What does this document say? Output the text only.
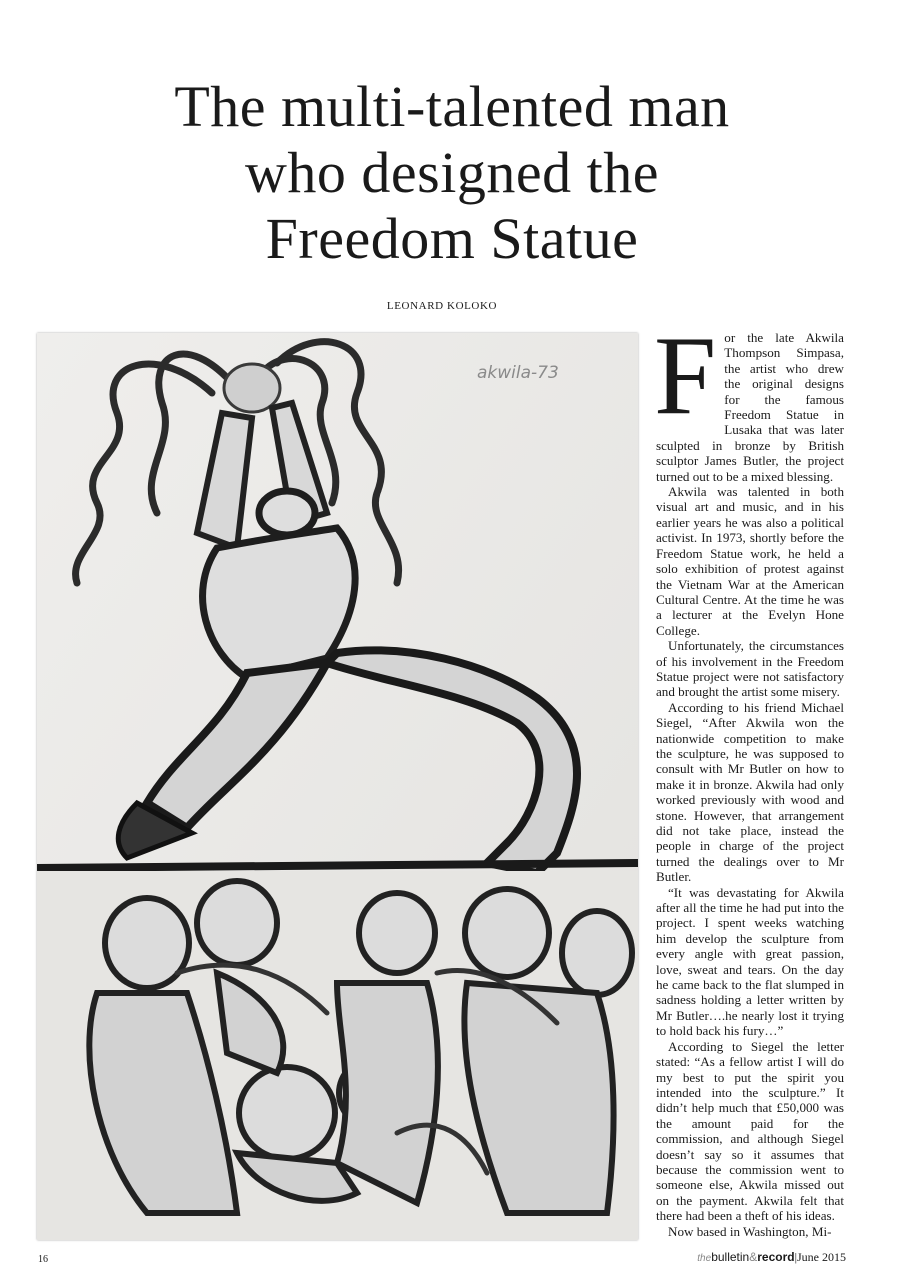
The multi-talented man
who designed the
Freedom Statue
LEONARD KOLOKO
akwila-73 For the late Akwila Thompson Simpasa, the artist who drew the original designs for the famous Freedom Statue in Lusaka that was later sculpted in bronze by British sculptor James Butler, the project turned out to be a mixed blessing.

Akwila was talented in both visual art and music, and in his earlier years he was also a political activist. In 1973, shortly before the Freedom Statue work, he held a solo exhibition of protest against the Vietnam War at the American Cultural Centre. At the time he was a lecturer at the Evelyn Hone College.

Unfortunately, the circumstances of his involvement in the Freedom Statue project were not satisfactory and brought the artist some misery.

According to his friend Michael Siegel, “After Akwila won the nationwide competition to make the sculpture, he was supposed to consult with Mr Butler on how to make it in bronze. Akwila had only worked previously with wood and stone. However, that arrangement did not take place, instead the people in charge of the project turned the dealings over to Mr Butler.

“It was devastating for Akwila after all the time he had put into the project. I spent weeks watching him develop the sculpture from every angle with great passion, love, sweat and tears. On the day he came back to the flat slumped in sadness holding a letter written by Mr Butler….he nearly lost it trying to hold back his fury…”

According to Siegel the letter stated: “As a fellow artist I will do my best to put the spirit you intended into the sculpture.” It didn’t help much that £50,000 was the amount paid for the commission, and although Siegel doesn’t say so it assumes that because the commission went to someone else, Akwila missed out on the payment. Akwila felt that there had been a theft of his ideas.

Now based in Washington, Mi-

16	thebulletin&record|June 2015
